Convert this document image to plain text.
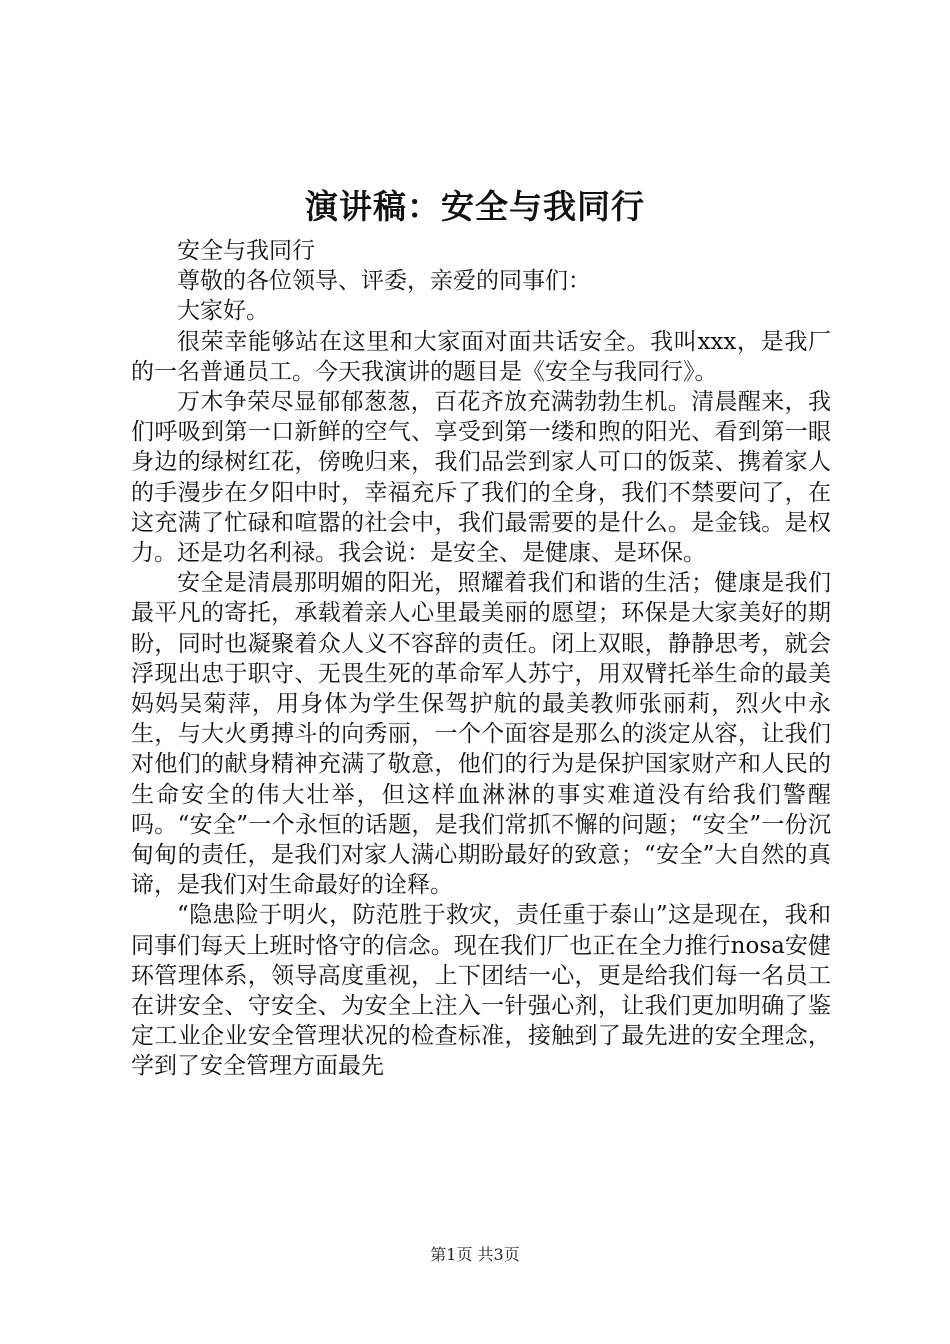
演讲稿：安全与我同行

安全与我同行

尊敬的各位领导、评委，亲爱的同事们：

大家好。

很荣幸能够站在这里和大家面对面共话安全。我叫xxx，是我厂的一名普通员工。今天我演讲的题目是《安全与我同行》。

万木争荣尽显郁郁葱葱，百花齐放充满勃勃生机。清晨醒来，我们呼吸到第一口新鲜的空气、享受到第一缕和煦的阳光、看到第一眼身边的绿树红花，傍晚归来，我们品尝到家人可口的饭菜、携着家人的手漫步在夕阳中时，幸福充斥了我们的全身，我们不禁要问了，在这充满了忙碌和喧嚣的社会中，我们最需要的是什么。是金钱。是权力。还是功名利禄。我会说：是安全、是健康、是环保。

安全是清晨那明媚的阳光，照耀着我们和谐的生活；健康是我们最平凡的寄托，承载着亲人心里最美丽的愿望；环保是大家美好的期盼，同时也凝聚着众人义不容辞的责任。闭上双眼，静静思考，就会浮现出忠于职守、无畏生死的革命军人苏宁，用双臂托举生命的最美妈妈吴菊萍，用身体为学生保驾护航的最美教师张丽莉，烈火中永生，与大火勇搏斗的向秀丽，一个个面容是那么的淡定从容，让我们对他们的献身精神充满了敬意，他们的行为是保护国家财产和人民的生命安全的伟大壮举，但这样血淋淋的事实难道没有给我们警醒吗。“安全”一个永恒的话题，是我们常抓不懈的问题；“安全”一份沉甸甸的责任，是我们对家人满心期盼最好的致意；“安全”大自然的真谛，是我们对生命最好的诠释。

“隐患险于明火，防范胜于救灾，责任重于泰山”这是现在，我和同事们每天上班时恪守的信念。现在我们厂也正在全力推行nosa安健环管理体系，领导高度重视，上下团结一心，更是给我们每一名员工在讲安全、守安全、为安全上注入一针强心剂，让我们更加明确了鉴定工业企业安全管理状况的检查标准，接触到了最先进的安全理念，学到了安全管理方面最先

第1页 共3页
